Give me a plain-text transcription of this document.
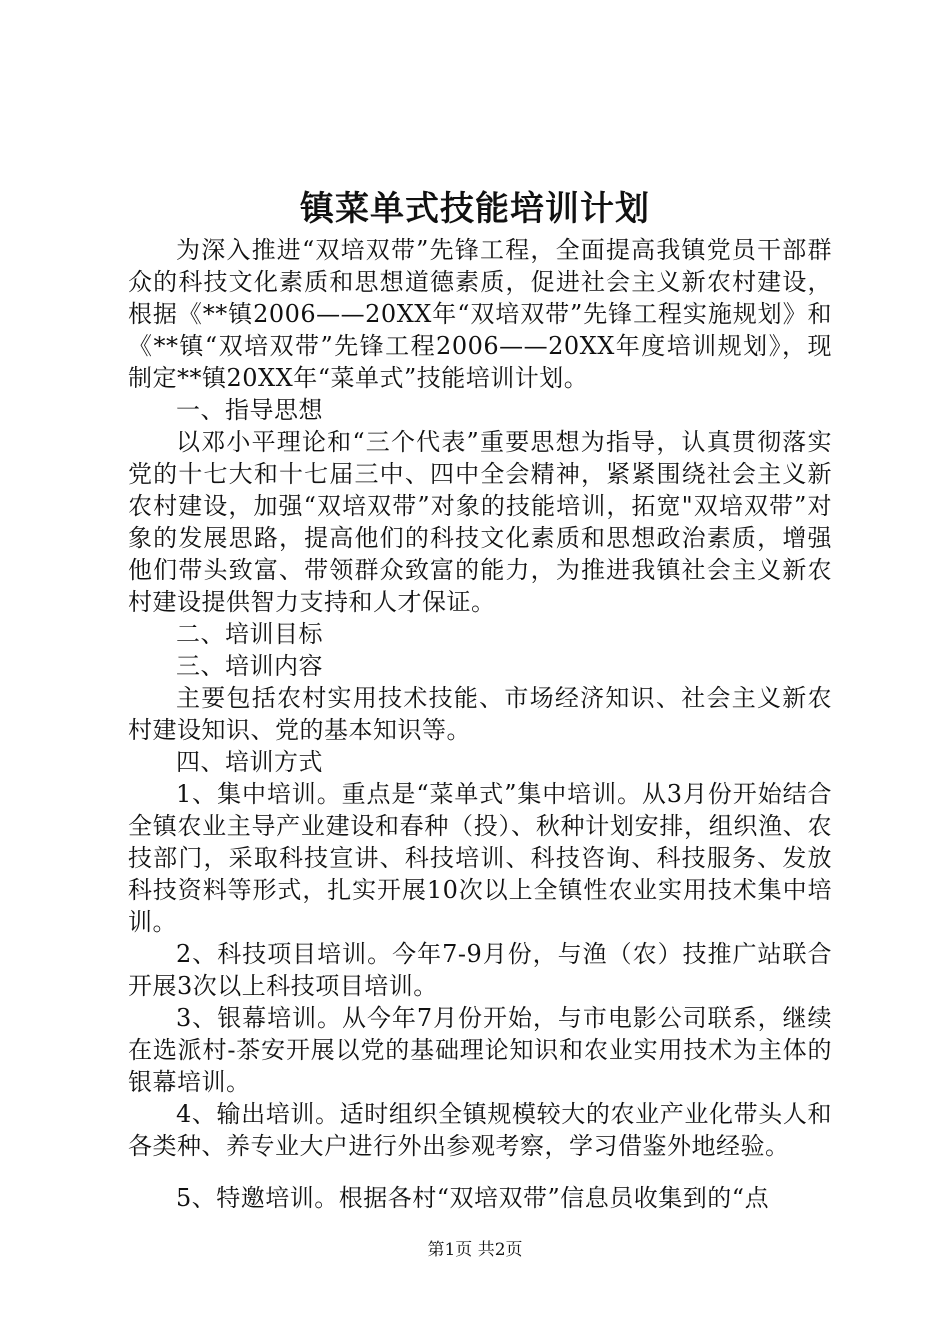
镇菜单式技能培训计划

为深入推进“双培双带”先锋工程，全面提高我镇党员干部群众的科技文化素质和思想道德素质，促进社会主义新农村建设，根据《**镇2006——20XX年“双培双带”先锋工程实施规划》和《**镇“双培双带”先锋工程2006——20XX年度培训规划》，现制定**镇20XX年“菜单式”技能培训计划。

一、指导思想

以邓小平理论和“三个代表”重要思想为指导，认真贯彻落实党的十七大和十七届三中、四中全会精神，紧紧围绕社会主义新农村建设，加强“双培双带”对象的技能培训，拓宽"双培双带”对象的发展思路，提高他们的科技文化素质和思想政治素质，增强他们带头致富、带领群众致富的能力，为推进我镇社会主义新农村建设提供智力支持和人才保证。

二、培训目标

三、培训内容

主要包括农村实用技术技能、市场经济知识、社会主义新农村建设知识、党的基本知识等。

四、培训方式

1、集中培训。重点是“菜单式”集中培训。从3月份开始结合全镇农业主导产业建设和春种（投）、秋种计划安排，组织渔、农技部门，采取科技宣讲、科技培训、科技咨询、科技服务、发放科技资料等形式，扎实开展10次以上全镇性农业实用技术集中培训。

2、科技项目培训。今年7-9月份，与渔（农）技推广站联合开展3次以上科技项目培训。

3、银幕培训。从今年7月份开始，与市电影公司联系，继续在选派村-茶安开展以党的基础理论知识和农业实用技术为主体的银幕培训。

4、输出培训。适时组织全镇规模较大的农业产业化带头人和各类种、养专业大户进行外出参观考察，学习借鉴外地经验。

5、特邀培训。根据各村“双培双带”信息员收集到的“点

第1页 共2页
